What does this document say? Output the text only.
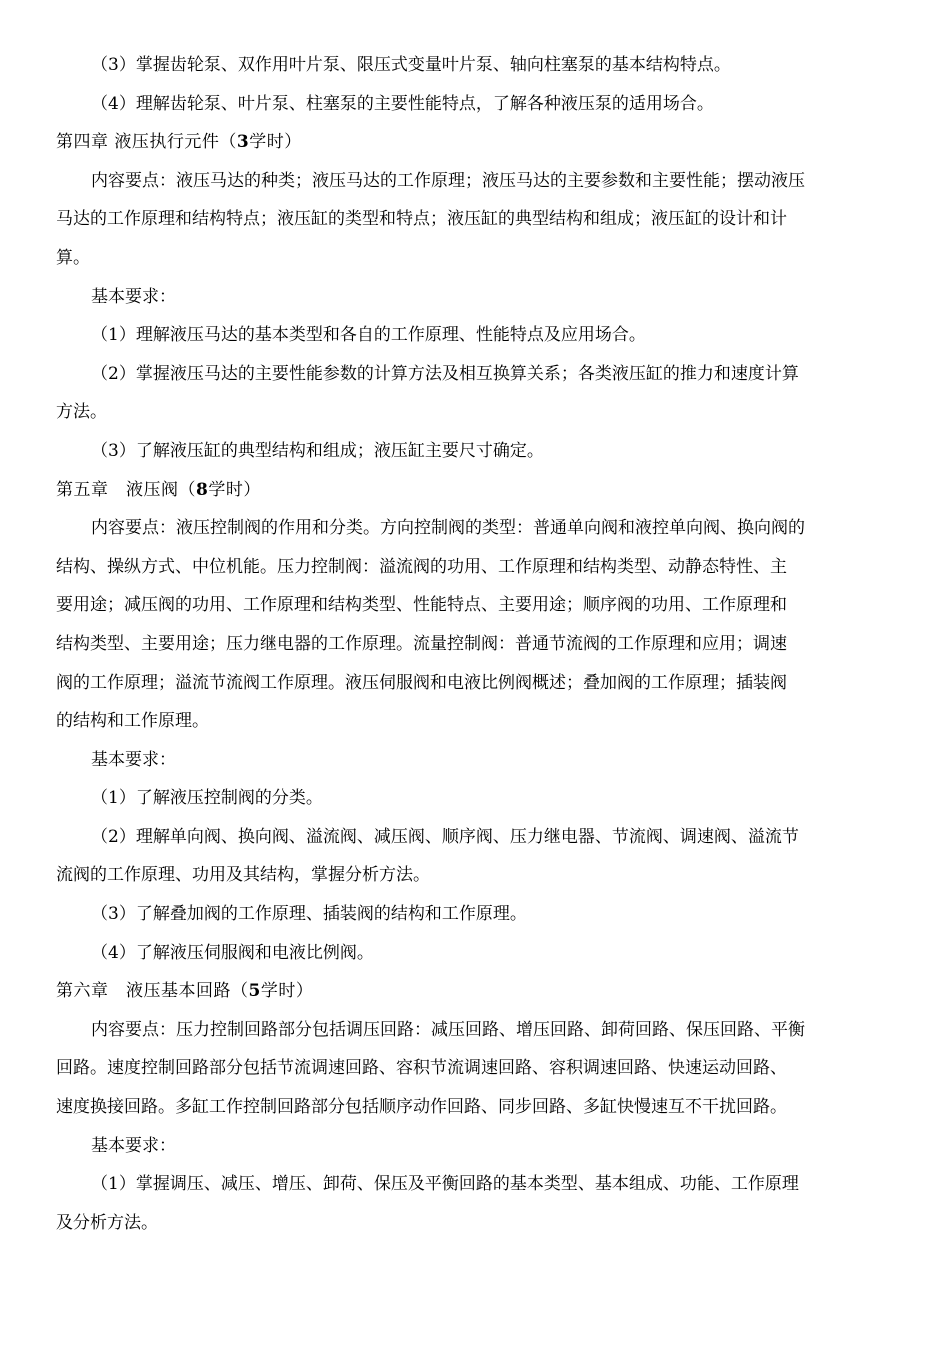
（3）掌握齿轮泵、双作用叶片泵、限压式变量叶片泵、轴向柱塞泵的基本结构特点。

（4）理解齿轮泵、叶片泵、柱塞泵的主要性能特点，了解各种液压泵的适用场合。

第四章 液压执行元件（3学时）

内容要点：液压马达的种类；液压马达的工作原理；液压马达的主要参数和主要性能；摆动液压

马达的工作原理和结构特点；液压缸的类型和特点；液压缸的典型结构和组成；液压缸的设计和计

算。

基本要求：

（1）理解液压马达的基本类型和各自的工作原理、性能特点及应用场合。

（2）掌握液压马达的主要性能参数的计算方法及相互换算关系；各类液压缸的推力和速度计算

方法。

（3）了解液压缸的典型结构和组成；液压缸主要尺寸确定。

第五章　液压阀（8学时）

内容要点：液压控制阀的作用和分类。方向控制阀的类型：普通单向阀和液控单向阀、换向阀的

结构、操纵方式、中位机能。压力控制阀：溢流阀的功用、工作原理和结构类型、动静态特性、主

要用途；减压阀的功用、工作原理和结构类型、性能特点、主要用途；顺序阀的功用、工作原理和

结构类型、主要用途；压力继电器的工作原理。流量控制阀：普通节流阀的工作原理和应用；调速

阀的工作原理；溢流节流阀工作原理。液压伺服阀和电液比例阀概述；叠加阀的工作原理；插装阀

的结构和工作原理。

基本要求：

（1）了解液压控制阀的分类。

（2）理解单向阀、换向阀、溢流阀、减压阀、顺序阀、压力继电器、节流阀、调速阀、溢流节

流阀的工作原理、功用及其结构，掌握分析方法。

（3）了解叠加阀的工作原理、插装阀的结构和工作原理。

（4）了解液压伺服阀和电液比例阀。

第六章　液压基本回路（5学时）

内容要点：压力控制回路部分包括调压回路：减压回路、增压回路、卸荷回路、保压回路、平衡

回路。速度控制回路部分包括节流调速回路、容积节流调速回路、容积调速回路、快速运动回路、

速度换接回路。多缸工作控制回路部分包括顺序动作回路、同步回路、多缸快慢速互不干扰回路。

基本要求：

（1）掌握调压、减压、增压、卸荷、保压及平衡回路的基本类型、基本组成、功能、工作原理

及分析方法。
